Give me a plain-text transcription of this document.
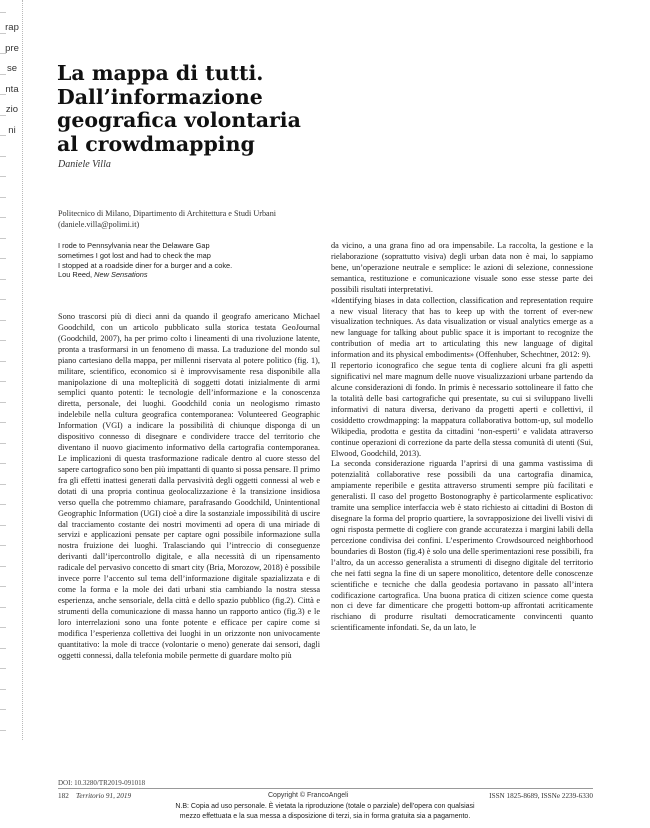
rappresentazioni
La mappa di tutti.
Dall’informazione
geografica volontaria
al crowdmapping
Daniele Villa
Politecnico di Milano, Dipartimento di Architettura e Studi Urbani
(daniele.villa@polimi.it)
I rode to Pennsylvania near the Delaware Gap
sometimes I got lost and had to check the map
I stopped at a roadside diner for a burger and a coke.
Lou Reed, New Sensations

Sono trascorsi più di dieci anni da quando il geografo americano Michael Goodchild, con un articolo pubblicato sulla storica testata GeoJournal (Goodchild, 2007), ha per primo colto i lineamenti di una rivoluzione latente, pronta a trasformarsi in un fenomeno di massa. La traduzione del mondo sul piano cartesiano della mappa, per millenni riservata al potere politico (fig. 1), militare, scientifico, economico si è improvvisamente resa disponibile alla manipolazione di una molteplicità di soggetti dotati inizialmente di armi semplici quanto potenti: le tecnologie dell’informazione e la conoscenza diretta, personale, dei luoghi. Goodchild conia un neologismo rimasto indelebile nella cultura geografica contemporanea: Volunteered Geographic Information (VGI) a indicare la possibilità di chiunque disponga di un dispositivo connesso di disegnare e condividere tracce del territorio che diventano il nuovo giacimento informativo della cartografia contemporanea. Le implicazioni di questa trasformazione radicale dentro al cuore stesso del sapere cartografico sono ben più impattanti di quanto si possa pensare. Il primo fra gli effetti inattesi generati dalla pervasività degli oggetti connessi al web e dotati di una propria continua geolocalizzazione è la transizione insidiosa verso quella che potremmo chiamare, parafrasando Goodchild, Unintentional Geographic Information (UGI) cioè a dire la sostanziale impossibilità di uscire dal tracciamento costante dei nostri movimenti ad opera di una miriade di servizi e applicazioni pensate per captare ogni possibile informazione sulla nostra fruizione dei luoghi. Tralasciando qui l’intreccio di conseguenze derivanti dall’ipercontrollo digitale, e alla necessità di un ripensamento radicale del pervasivo concetto di smart city (Bria, Morozow, 2018) è possibile invece porre l’accento sul tema dell’informazione digitale spazializzata e di come la forma e la mole dei dati urbani stia cambiando la nostra stessa esperienza, anche sensoriale, della città e dello spazio pubblico (fig.2). Città e strumenti della comunicazione di massa hanno un rapporto antico (fig.3) e le loro interrelazioni sono una fonte potente e efficace per capire come si modifica l’esperienza collettiva dei luoghi in un orizzonte non univocamente quantitativo: la mole di tracce (volontarie o meno) generate dai sensori, dagli oggetti connessi, dalla telefonia mobile permette di guardare molto più

da vicino, a una grana fino ad ora impensabile. La raccolta, la gestione e la rielaborazione (soprattutto visiva) degli urban data non è mai, lo sappiamo bene, un’operazione neutrale e semplice: le azioni di selezione, connessione semantica, restituzione e comunicazione visuale sono esse stesse parte dei possibili risultati interpretativi.

«Identifying biases in data collection, classification and representation require a new visual literacy that has to keep up with the torrent of ever-new visualization techniques. As data visualization or visual analytics emerge as a new language for talking about public space it is important to recognize the contribution of media art to articulating this new language of digital information and its physical embodiments» (Offenhuber, Schechtner, 2012: 9).

Il repertorio iconografico che segue tenta di cogliere alcuni fra gli aspetti significativi nel mare magnum delle nuove visualizzazioni urbane partendo da alcune considerazioni di fondo. In primis è necessario sottolineare il fatto che la totalità delle basi cartografiche qui presentate, su cui si sviluppano livelli informativi di natura diversa, derivano da progetti aperti e collettivi, il cosiddetto crowdmapping: la mappatura collaborativa bottom-up, sul modello Wikipedia, prodotta e gestita da cittadini ‘non-esperti’ e validata attraverso continue operazioni di correzione da parte della stessa comunità di utenti (Sui, Elwood, Goodchild, 2013).

La seconda considerazione riguarda l’aprirsi di una gamma vastissima di potenzialità collaborative rese possibili da una cartografia dinamica, ampiamente reperibile e gestita attraverso strumenti sempre più facilitati e generalisti. Il caso del progetto Bostonography è particolarmente esplicativo: tramite una semplice interfaccia web è stato richiesto ai cittadini di Boston di disegnare la forma del proprio quartiere, la sovrapposizione dei livelli visivi di ogni risposta permette di cogliere con grande accuratezza i margini labili della percezione condivisa dei confini. L’esperimento Crowdsourced neighborhood boundaries di Boston (fig.4) è solo una delle sperimentazioni rese possibili, fra l’altro, da un accesso generalista a strumenti di disegno digitale del territorio che nei fatti segna la fine di un sapere monolitico, detentore delle conoscenze scientifiche e tecniche che dalla geodesia portavano in passato all’intera codificazione cartografica. Una buona pratica di citizen science come questa non ci deve far dimenticare che progetti bottom-up affrontati acriticamente rischiano di produrre risultati democraticamente convincenti quanto scientificamente infondati. Se, da un lato, le

DOI: 10.3280/TR2019-091018
182 Territorio 91, 2019	Copyright © FrancoAngeli	ISSN 1825-8689, ISSNe 2239-6330
N.B: Copia ad uso personale. È vietata la riproduzione (totale o parziale) dell’opera con qualsiasi
mezzo effettuata e la sua messa a disposizione di terzi, sia in forma gratuita sia a pagamento.
